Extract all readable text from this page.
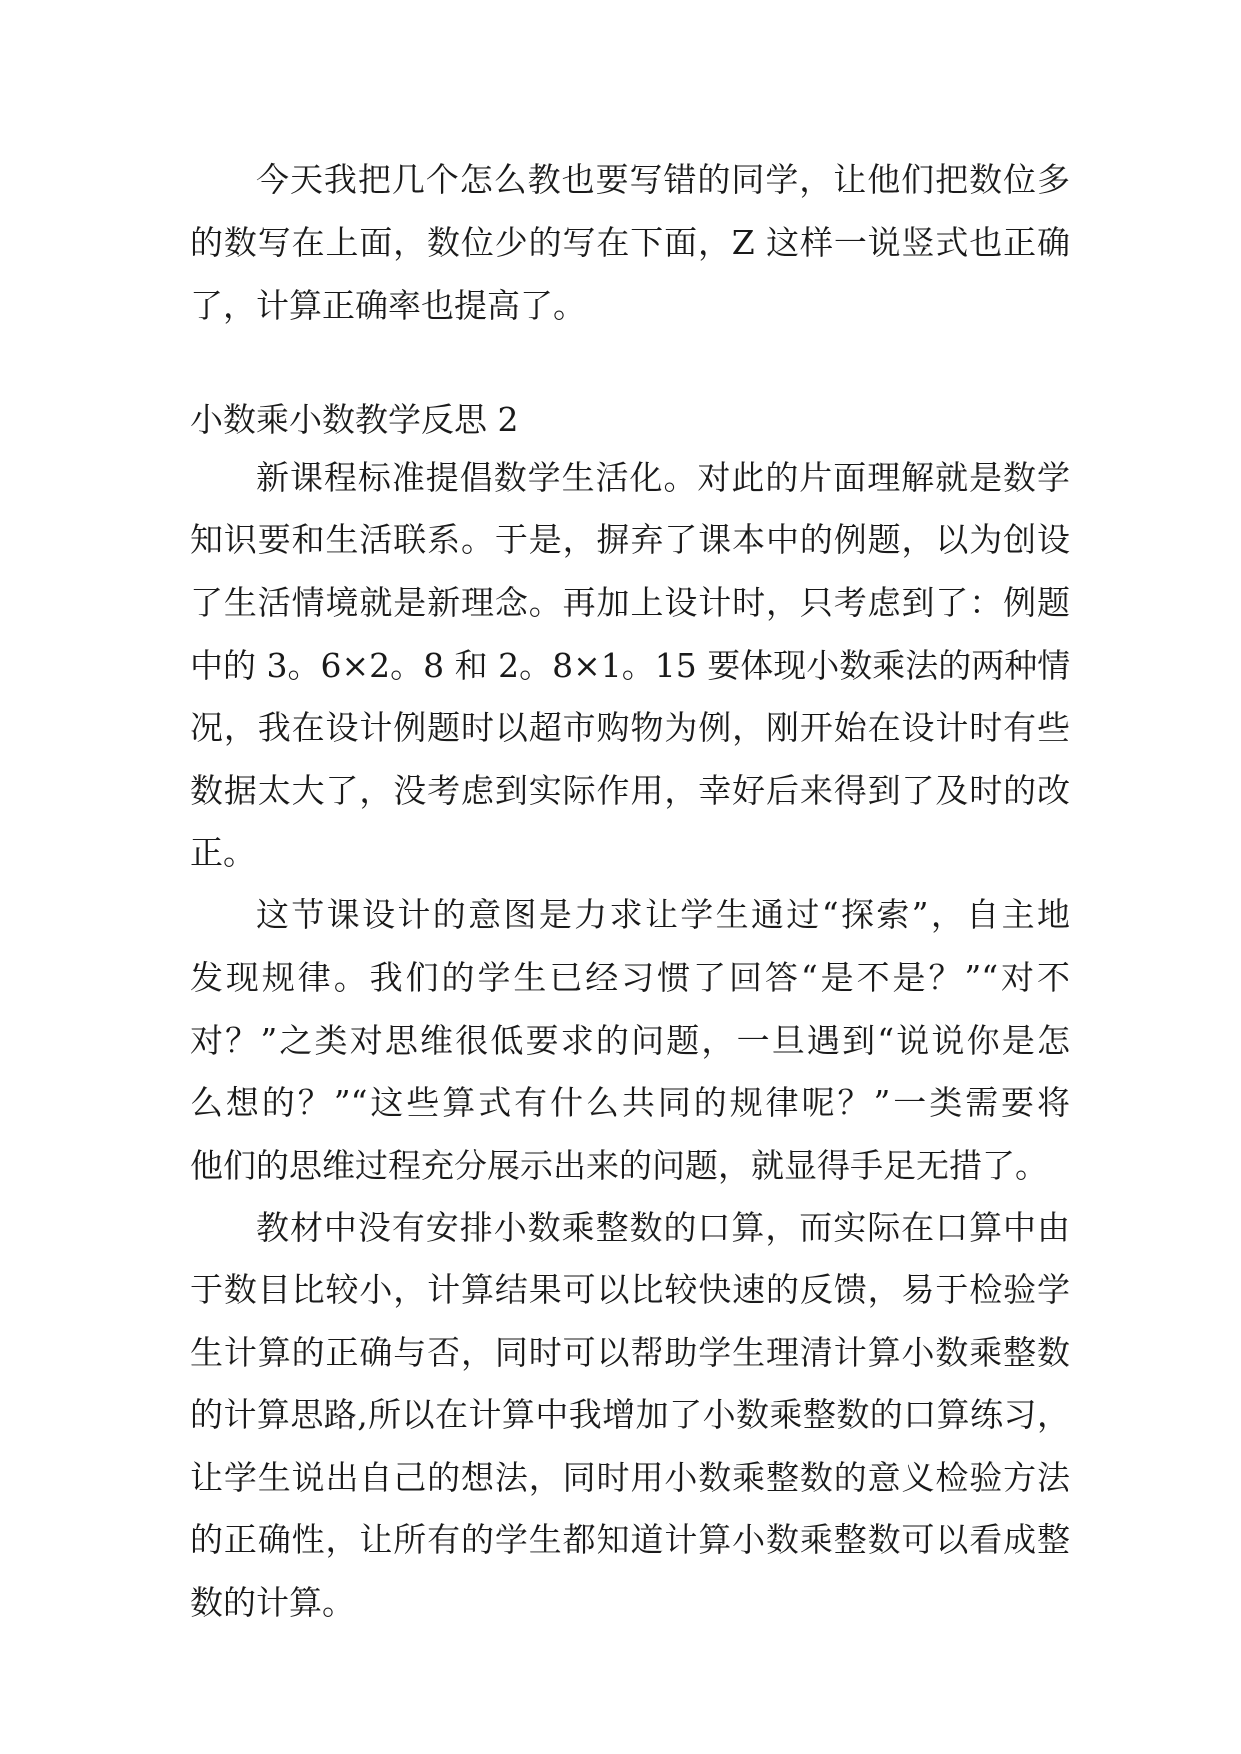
今天我把几个怎么教也要写错的同学，让他们把数位多
的数写在上面，数位少的写在下面，Z 这样一说竖式也正确
了，计算正确率也提高了。
小数乘小数教学反思 2
新课程标准提倡数学生活化。对此的片面理解就是数学
知识要和生活联系。于是，摒弃了课本中的例题，以为创设
了生活情境就是新理念。再加上设计时，只考虑到了：例题
中的 3。6×2。8 和 2。8×1。15 要体现小数乘法的两种情
况，我在设计例题时以超市购物为例，刚开始在设计时有些
数据太大了，没考虑到实际作用，幸好后来得到了及时的改
正。
这节课设计的意图是力求让学生通过“探索”，自主地
发现规律。我们的学生已经习惯了回答“是不是？”“对不
对？”之类对思维很低要求的问题，一旦遇到“说说你是怎
么想的？”“这些算式有什么共同的规律呢？”一类需要将
他们的思维过程充分展示出来的问题，就显得手足无措了。
教材中没有安排小数乘整数的口算，而实际在口算中由
于数目比较小，计算结果可以比较快速的反馈，易于检验学
生计算的正确与否，同时可以帮助学生理清计算小数乘整数
的计算思路,所以在计算中我增加了小数乘整数的口算练习，
让学生说出自己的想法，同时用小数乘整数的意义检验方法
的正确性，让所有的学生都知道计算小数乘整数可以看成整
数的计算。
